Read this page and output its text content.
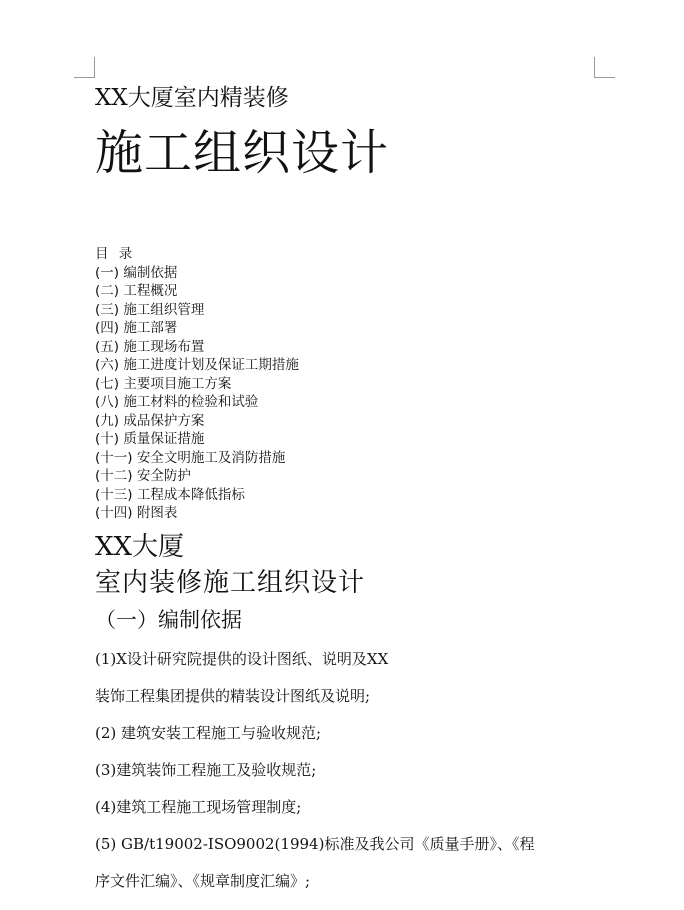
XX大厦室内精装修
施工组织设计
目 录
(一) 编制依据
(二) 工程概况
(三) 施工组织管理
(四) 施工部署
(五) 施工现场布置
(六) 施工进度计划及保证工期措施
(七) 主要项目施工方案
(八) 施工材料的检验和试验
(九) 成品保护方案
(十) 质量保证措施
(十一) 安全文明施工及消防措施
(十二) 安全防护
(十三) 工程成本降低指标
(十四) 附图表
XX大厦
室内装修施工组织设计
（一）编制依据
(1)X设计研究院提供的设计图纸、说明及XX
装饰工程集团提供的精装设计图纸及说明;
(2) 建筑安装工程施工与验收规范;
(3)建筑装饰工程施工及验收规范;
(4)建筑工程施工现场管理制度;
(5) GB/t19002-ISO9002(1994)标准及我公司《质量手册》、《程
序文件汇编》、《规章制度汇编》;
